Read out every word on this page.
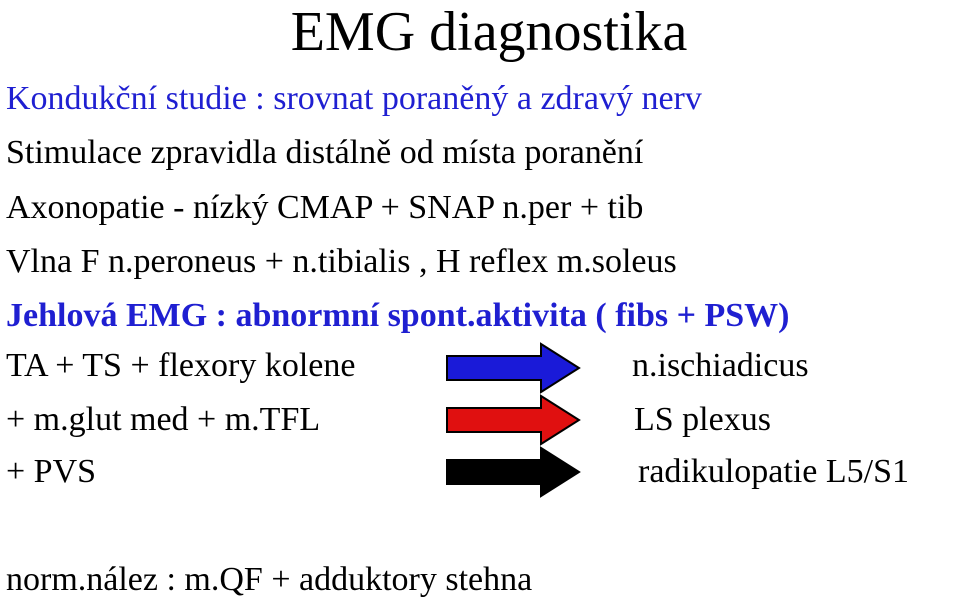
EMG diagnostika
Kondukční studie : srovnat poraněný a zdravý nerv
Stimulace zpravidla distálně od místa poranění
Axonopatie - nízký CMAP + SNAP n.per + tib
Vlna F n.peroneus + n.tibialis , H reflex m.soleus
Jehlová EMG : abnormní spont.aktivita ( fibs + PSW)
TA + TS + flexory kolene	n.ischiadicus
+ m.glut med + m.TFL	LS plexus
+ PVS	radikulopatie L5/S1
norm.nález : m.QF + adduktory stehna
